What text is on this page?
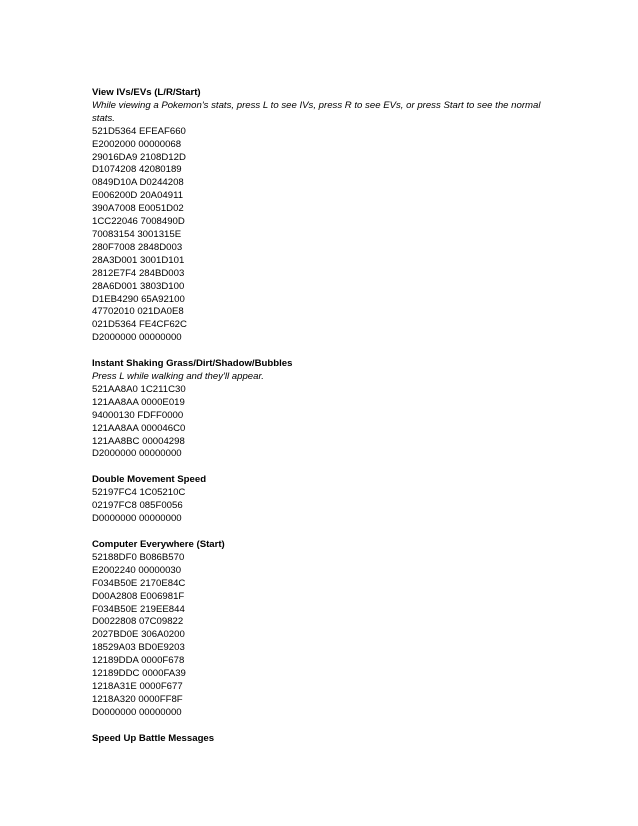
View IVs/EVs (L/R/Start)
While viewing a Pokemon's stats, press L to see IVs, press R to see EVs, or press Start to see the normal stats.
521D5364 EFEAF660
E2002000 00000068
29016DA9 2108D12D
D1074208 42080189
0849D10A D0244208
E006200D 20A04911
390A7008 E0051D02
1CC22046 7008490D
70083154 3001315E
280F7008 2848D003
28A3D001 3001D101
2812E7F4 284BD003
28A6D001 3803D100
D1EB4290 65A92100
47702010 021DA0E8
021D5364 FE4CF62C
D2000000 00000000
Instant Shaking Grass/Dirt/Shadow/Bubbles
Press L while walking and they'll appear.
521AA8A0 1C211C30
121AA8AA 0000E019
94000130 FDFF0000
121AA8AA 000046C0
121AA8BC 00004298
D2000000 00000000
Double Movement Speed
52197FC4 1C05210C
02197FC8 085F0056
D0000000 00000000
Computer Everywhere (Start)
52188DF0 B086B570
E2002240 00000030
F034B50E 2170E84C
D00A2808 E006981F
F034B50E 219EE844
D0022808 07C09822
2027BD0E 306A0200
18529A03 BD0E9203
12189DDA 0000F678
12189DDC 0000FA39
1218A31E 0000F677
1218A320 0000FF8F
D0000000 00000000
Speed Up Battle Messages
